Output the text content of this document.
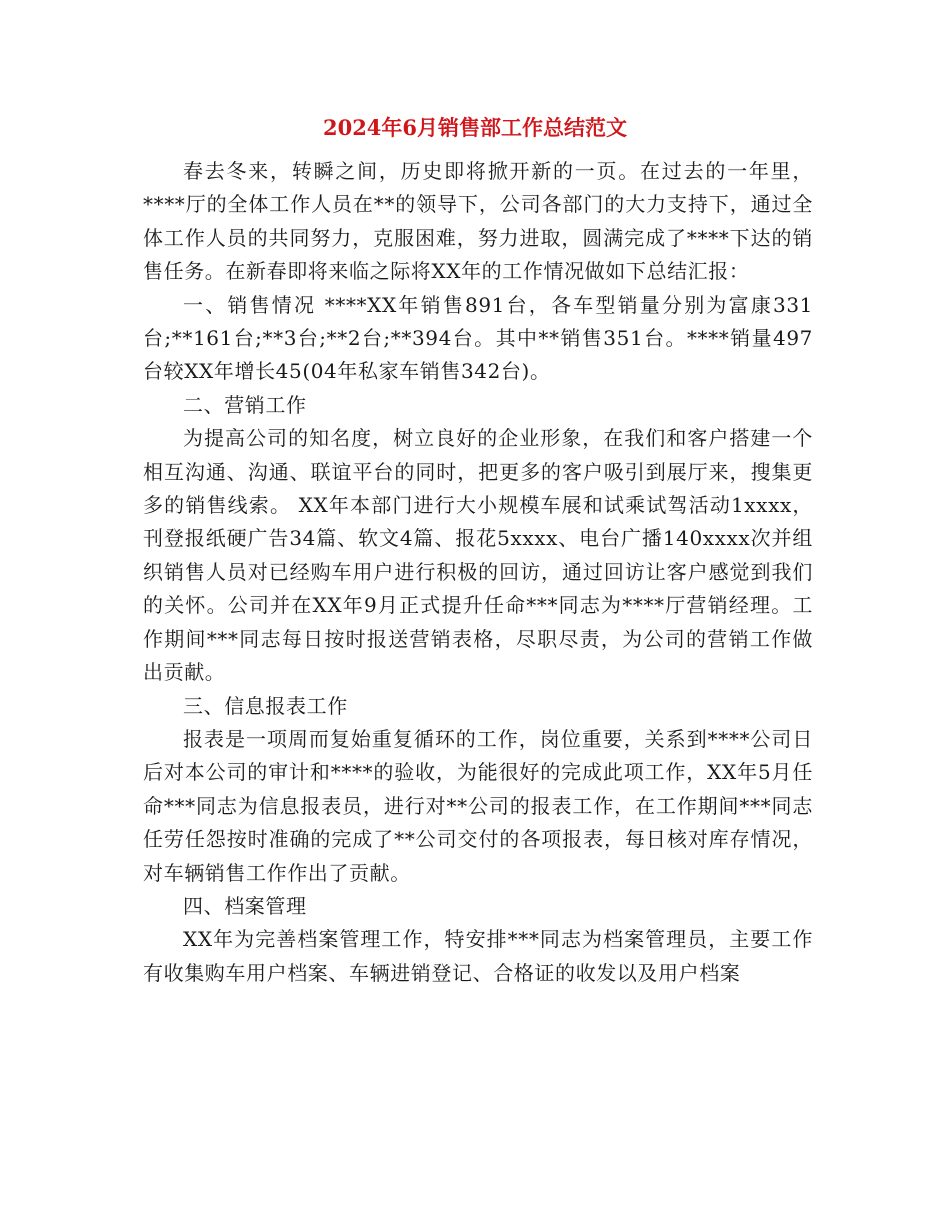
2024年6月销售部工作总结范文

春去冬来，转瞬之间，历史即将掀开新的一页。在过去的一年里，****厅的全体工作人员在**的领导下，公司各部门的大力支持下，通过全体工作人员的共同努力，克服困难，努力进取，圆满完成了****下达的销售任务。在新春即将来临之际将XX年的工作情况做如下总结汇报：

一、销售情况 ****XX年销售891台，各车型销量分别为富康331台;**161台;**3台;**2台;**394台。其中**销售351台。****销量497台较XX年增长45(04年私家车销售342台)。

二、营销工作

为提高公司的知名度，树立良好的企业形象，在我们和客户搭建一个相互沟通、沟通、联谊平台的同时，把更多的客户吸引到展厅来，搜集更多的销售线索。 XX年本部门进行大小规模车展和试乘试驾活动1xxxx，刊登报纸硬广告34篇、软文4篇、报花5xxxx、电台广播140xxxx次并组织销售人员对已经购车用户进行积极的回访，通过回访让客户感觉到我们的关怀。公司并在XX年9月正式提升任命***同志为****厅营销经理。工作期间***同志每日按时报送营销表格，尽职尽责，为公司的营销工作做出贡献。

三、信息报表工作

报表是一项周而复始重复循环的工作，岗位重要，关系到****公司日后对本公司的审计和****的验收，为能很好的完成此项工作，XX年5月任命***同志为信息报表员，进行对**公司的报表工作，在工作期间***同志任劳任怨按时准确的完成了**公司交付的各项报表，每日核对库存情况，对车辆销售工作作出了贡献。

四、档案管理

XX年为完善档案管理工作，特安排***同志为档案管理员，主要工作有收集购车用户档案、车辆进销登记、合格证的收发以及用户档案
